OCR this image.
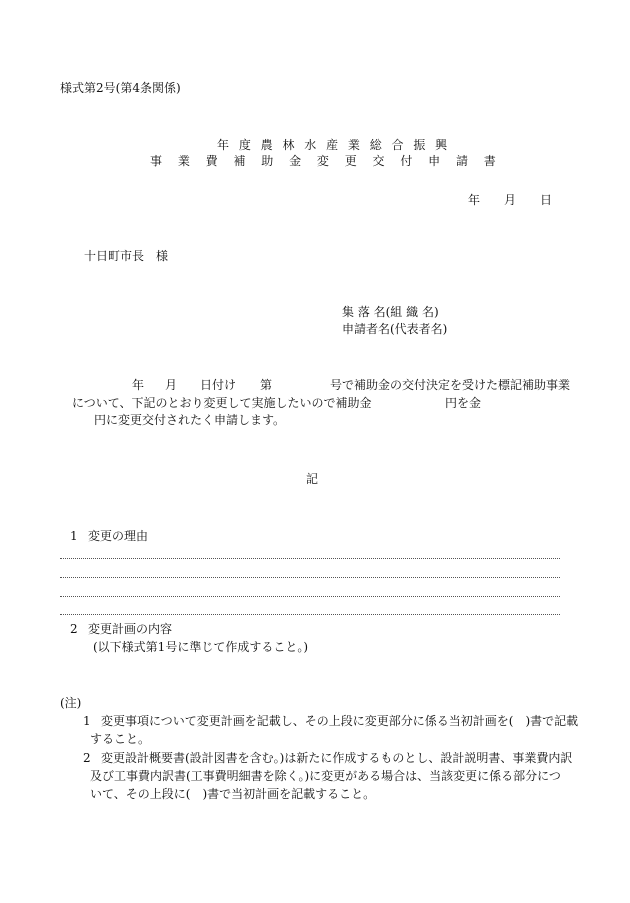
様式第2号(第4条関係)
年 度 農 林 水 産 業 総 合 振 興
事 業 費 補 助 金 変 更 交 付 申 請 書
年　　月　　日
十日町市長　様
集 落 名(組 織 名)
申請者名(代表者名)
年 月 日付け 第	号で補助金の交付決定を受けた標記補助事業
について、下記のとおり変更して実施したいので補助金	円を金
円に変更交付されたく申請します。
記
1 変更の理由
2 変更計画の内容
(以下様式第1号に準じて作成すること。)
(注)
1 変更事項について変更計画を記載し、その上段に変更部分に係る当初計画を(　)書で記載
すること。
2 変更設計概要書(設計図書を含む。)は新たに作成するものとし、設計説明書、事業費内訳
及び工事費内訳書(工事費明細書を除く。)に変更がある場合は、当該変更に係る部分につ
いて、その上段に(　)書で当初計画を記載すること。
